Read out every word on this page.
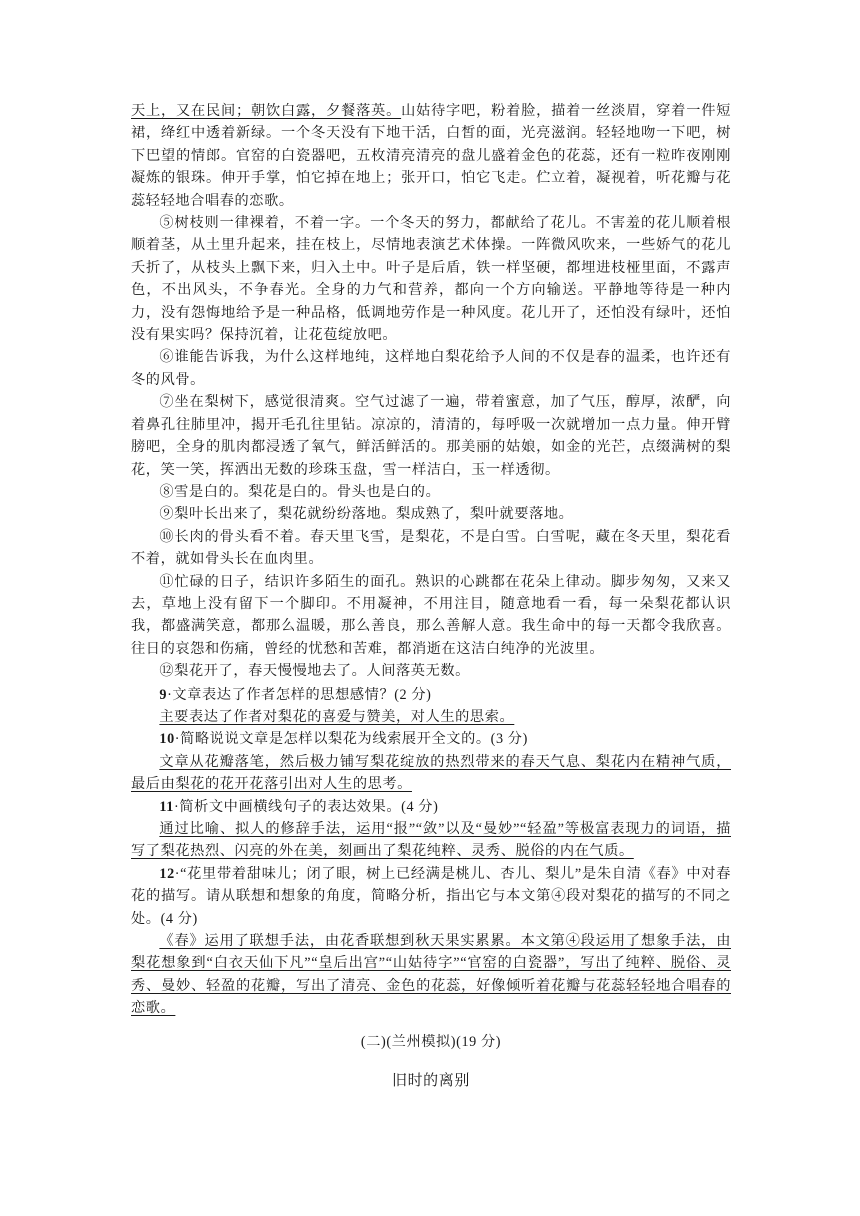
天上，又在民间；朝饮白露，夕餐落英。山姑待字吧，粉着脸，描着一丝淡眉，穿着一件短裙，绛红中透着新绿。一个冬天没有下地干活，白皙的面，光亮滋润。轻轻地吻一下吧，树下巴望的情郎。官窑的白瓷器吧，五枚清亮清亮的盘儿盛着金色的花蕊，还有一粒昨夜刚刚凝炼的银珠。伸开手掌，怕它掉在地上；张开口，怕它飞走。伫立着，凝视着，听花瓣与花蕊轻轻地合唱春的恋歌。

⑤树枝则一律裸着，不着一字。一个冬天的努力，都献给了花儿。不害羞的花儿顺着根顺着茎，从土里升起来，挂在枝上，尽情地表演艺术体操。一阵微风吹来，一些娇气的花儿夭折了，从枝头上飘下来，归入土中。叶子是后盾，铁一样坚硬，都埋进枝桠里面，不露声色，不出风头，不争春光。全身的力气和营养，都向一个方向输送。平静地等待是一种内力，没有怨悔地给予是一种品格，低调地劳作是一种风度。花儿开了，还怕没有绿叶，还怕没有果实吗？保持沉着，让花苞绽放吧。

⑥谁能告诉我，为什么这样地纯，这样地白梨花给予人间的不仅是春的温柔，也许还有冬的风骨。

⑦坐在梨树下，感觉很清爽。空气过滤了一遍，带着蜜意，加了气压，醇厚，浓酽，向着鼻孔往肺里冲，揭开毛孔往里钻。凉凉的，清清的，每呼吸一次就增加一点力量。伸开臂膀吧，全身的肌肉都浸透了氧气，鲜活鲜活的。那美丽的姑娘，如金的光芒，点缀满树的梨花，笑一笑，挥洒出无数的珍珠玉盘，雪一样洁白，玉一样透彻。

⑧雪是白的。梨花是白的。骨头也是白的。

⑨梨叶长出来了，梨花就纷纷落地。梨成熟了，梨叶就要落地。

⑩长肉的骨头看不着。春天里飞雪，是梨花，不是白雪。白雪呢，藏在冬天里，梨花看不着，就如骨头长在血肉里。

⑪忙碌的日子，结识许多陌生的面孔。熟识的心跳都在花朵上律动。脚步匆匆，又来又去，草地上没有留下一个脚印。不用凝神，不用注目，随意地看一看，每一朵梨花都认识我，都盛满笑意，都那么温暖，那么善良，那么善解人意。我生命中的每一天都令我欣喜。往日的哀怨和伤痛，曾经的忧愁和苦难，都消逝在这洁白纯净的光波里。

⑫梨花开了，春天慢慢地去了。人间落英无数。

9·文章表达了作者怎样的思想感情？(2 分)

主要表达了作者对梨花的喜爱与赞美，对人生的思索。

10·简略说说文章是怎样以梨花为线索展开全文的。(3 分)

文章从花瓣落笔，然后极力铺写梨花绽放的热烈带来的春天气息、梨花内在精神气质，最后由梨花的花开花落引出对人生的思考。

11·简析文中画横线句子的表达效果。(4 分)

通过比喻、拟人的修辞手法，运用“报”“敛”以及“曼妙”“轻盈”等极富表现力的词语，描写了梨花热烈、闪亮的外在美，刻画出了梨花纯粹、灵秀、脱俗的内在气质。

12·“花里带着甜味儿；闭了眼，树上已经满是桃儿、杏儿、梨儿”是朱自清《春》中对春花的描写。请从联想和想象的角度，简略分析，指出它与本文第④段对梨花的描写的不同之处。(4 分)

《春》运用了联想手法，由花香联想到秋天果实累累。本文第④段运用了想象手法，由梨花想象到“白衣天仙下凡”“皇后出宫”“山姑待字”“官窑的白瓷器”，写出了纯粹、脱俗、灵秀、曼妙、轻盈的花瓣，写出了清亮、金色的花蕊，好像倾听着花瓣与花蕊轻轻地合唱春的恋歌。

(二)(兰州模拟)(19 分)

旧时的离别
